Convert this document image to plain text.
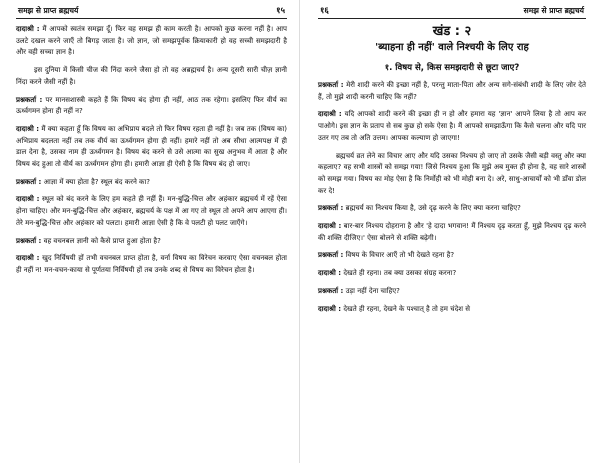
समझ से प्राप्त ब्रह्मचर्य	१५

दादाश्री : मैं आपको स्वतंत्र समझा दूँ। फिर वह समझ ही काम करती है। आपको कुछ करना नहीं है। आप उलटे दखल करने जाएँ तो बिगड़ जाता है। जो ज्ञान, जो समझपूर्वक क्रियाकारी हो वह सच्ची समझदारी है और वही सच्चा ज्ञान है।

इस दुनिया में किसी चीज की निंदा करने जैसा हो तो वह अब्रह्मचर्य है। अन्य दूसरी सारी चीज़ ज्ञानी निंदा करने जैसी नहीं है।

प्रश्नकर्ता : पर मानसशास्त्री कहते हैं कि विषय बंद होगा ही नहीं, आठ तक रहेगा। इसलिए फिर वीर्य का ऊर्ध्वगमन होना ही नहीं न?

दादाश्री : मैं क्या कहता हूँ कि विषय का अभिप्राय बदले तो फिर विषय रहता ही नहीं है। जब तक (विषय का) अभिप्राय बदलता नहीं तब तक वीर्य का ऊर्ध्वगमन होगा ही नहीं। हमारे नहीं तो अब सीधा आत्मपक्ष में ही डाल देना है, उसका नाम ही ऊर्ध्वगमन है। विषय बंद करने से उसे आत्मा का सुख अनुभव में आता है और विषय बंद हुआ तो वीर्य का ऊर्ध्वगमन होगा ही। हमारी आज्ञा ही ऐसी है कि विषय बंद हो जाए।

प्रश्नकर्ता : आज्ञा में क्या होता है? स्थूल बंद करने का?

दादाश्री : स्थूल को बंद करने के लिए हम कहते ही नहीं हैं। मन-बुद्धि-चित्त और अहंकार ब्रह्मचर्य में रहें ऐसा होना चाहिए। और मन-बुद्धि-चित्त और अहंकार, ब्रह्मचर्य के पक्ष में आ गए तो स्थूल तो अपने आप आएगा ही। तेरे मन-बुद्धि-चित्त और अहंकार को पलटा। हमारी आज्ञा ऐसी है कि वे पलटी हो पलट जाएँगे।

प्रश्नकर्ता : वह वचनबल ज्ञानी को कैसे प्राप्त हुआ होता है?

दादाश्री : खुद निर्विषयी हों तभी वचनबल प्राप्त होता है, वर्ना विषय का विरेचन करवाए ऐसा वचनबल होता ही नहीं न! मन-वचन-काया से पूर्णतया निर्विषयी हों तब उनके शब्द से विषय का विरेचन होता है।

१६	समझ से प्राप्त ब्रह्मचर्य
खंड : २
'ब्याहना ही नहीं' वाले निश्चयी के लिए राह
१. विषय से, किस समझदारी से छूटा जाए?

प्रश्नकर्ता : मेरी शादी करने की इच्छा नहीं है, परन्तु माता-पिता और अन्य सगे-संबंधी शादी के लिए जोर देते हैं, तो मुझे शादी करनी चाहिए कि नहीं?

दादाश्री : यदि आपको शादी करने की इच्छा ही न हो और हमारा यह 'ज्ञान' आपने लिया है तो आप कर पाओगे। इस ज्ञान के प्रताप से सब कुछ हो सके ऐसा है। मैं आपको समझाऊँगा कि कैसे चलना और यदि पार उतर गए तब तो अति उत्तम। आपका कल्याण हो जाएगा!

ब्रह्मचर्य व्रत लेने का विचार आए और यदि उसका निश्चय हो जाए तो उसके जैसी बड़ी वस्तु और क्या कहलाए? वह सभी शास्त्रों को समझ गया! जिसे निश्चय हुआ कि मुझे अब मुक्त ही होना है, वह सारे शास्त्रों को समझ गया। विषय का मोह ऐसा है कि निर्मोही को भी मोही बना दे। अरे, साधु-आचार्यों को भी डाँवा डोल कर दे!

प्रश्नकर्ता : ब्रह्मचर्य का निश्चय किया है, उसे दृढ़ करने के लिए क्या करना चाहिए?

दादाश्री : बार-बार निश्चय दोहराना है और 'हे दादा भगवान! मैं निश्चय दृढ़ करता हूँ, मुझे निश्चय दृढ़ करने की शक्ति दीजिए।' ऐसा बोलने से शक्ति बढ़ेगी।

प्रश्नकर्ता : विषय के विचार आएँ तो भी देखते रहना है?

दादाश्री : देखते ही रहना। तब क्या उसका संग्रह करना?

प्रश्नकर्ता : उड़ा नहीं देना चाहिए?

दादाश्री : देखते ही रहना, देखने के पश्चात् है तो हम चंदेश से
